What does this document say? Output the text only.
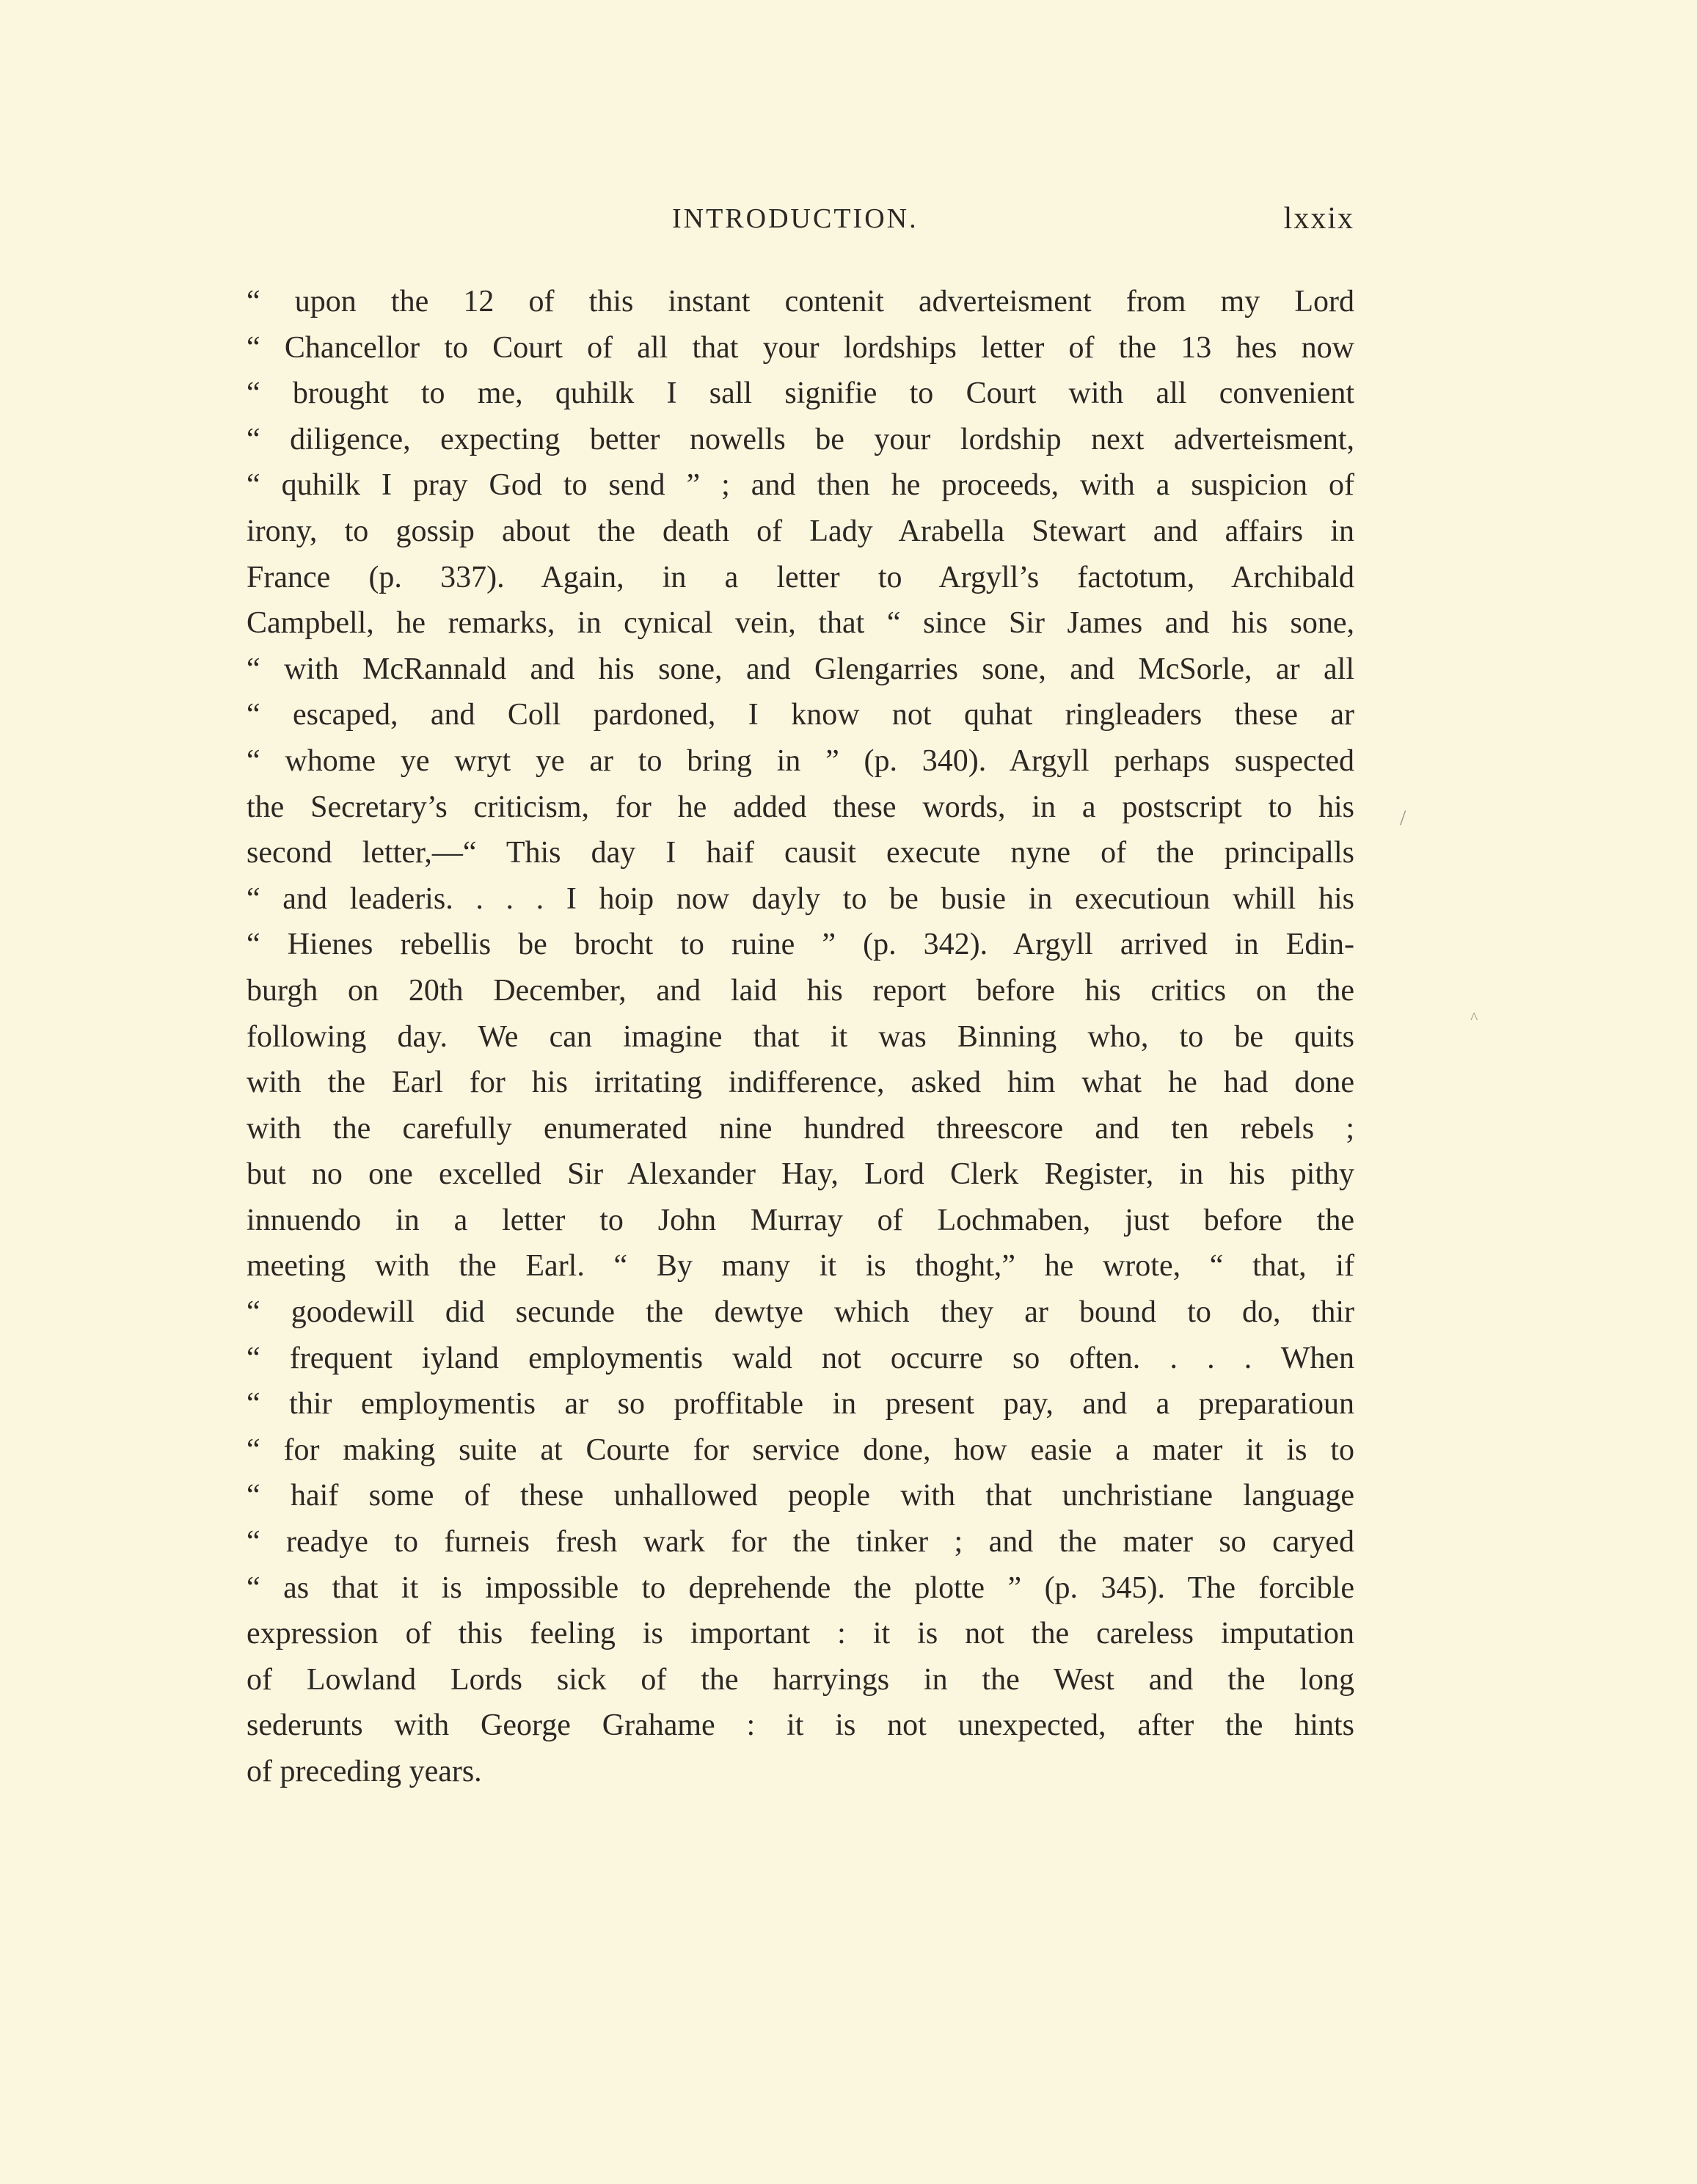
INTRODUCTION.	lxxix
“ upon the 12 of this instant contenit adverteisment from my Lord
“ Chancellor to Court of all that your lordships letter of the 13 hes now
“ brought to me, quhilk I sall signifie to Court with all convenient
“ diligence, expecting better nowells be your lordship next adverteisment,
“ quhilk I pray God to send ” ; and then he proceeds, with a suspicion of
irony, to gossip about the death of Lady Arabella Stewart and affairs in
France (p. 337). Again, in a letter to Argyll’s factotum, Archibald
Campbell, he remarks, in cynical vein, that “ since Sir James and his sone,
“ with McRannald and his sone, and Glengarries sone, and McSorle, ar all
“ escaped, and Coll pardoned, I know not quhat ringleaders these ar
“ whome ye wryt ye ar to bring in ” (p. 340). Argyll perhaps suspected
the Secretary’s criticism, for he added these words, in a postscript to his
second letter,—“ This day I haif causit execute nyne of the principalls
“ and leaderis. . . . I hoip now dayly to be busie in executioun whill his
“ Hienes rebellis be brocht to ruine ” (p. 342). Argyll arrived in Edin-
burgh on 20th December, and laid his report before his critics on the
following day. We can imagine that it was Binning who, to be quits
with the Earl for his irritating indifference, asked him what he had done
with the carefully enumerated nine hundred threescore and ten rebels ;
but no one excelled Sir Alexander Hay, Lord Clerk Register, in his pithy
innuendo in a letter to John Murray of Lochmaben, just before the
meeting with the Earl. “ By many it is thoght,” he wrote, “ that, if
“ goodewill did secunde the dewtye which they ar bound to do, thir
“ frequent iyland employmentis wald not occurre so often. . . . When
“ thir employmentis ar so proffitable in present pay, and a preparatioun
“ for making suite at Courte for service done, how easie a mater it is to
“ haif some of these unhallowed people with that unchristiane language
“ readye to furneis fresh wark for the tinker ; and the mater so caryed
“ as that it is impossible to deprehende the plotte ” (p. 345). The forcible
expression of this feeling is important : it is not the careless imputation
of Lowland Lords sick of the harryings in the West and the long
sederunts with George Grahame : it is not unexpected, after the hints
of preceding years.
/
^
